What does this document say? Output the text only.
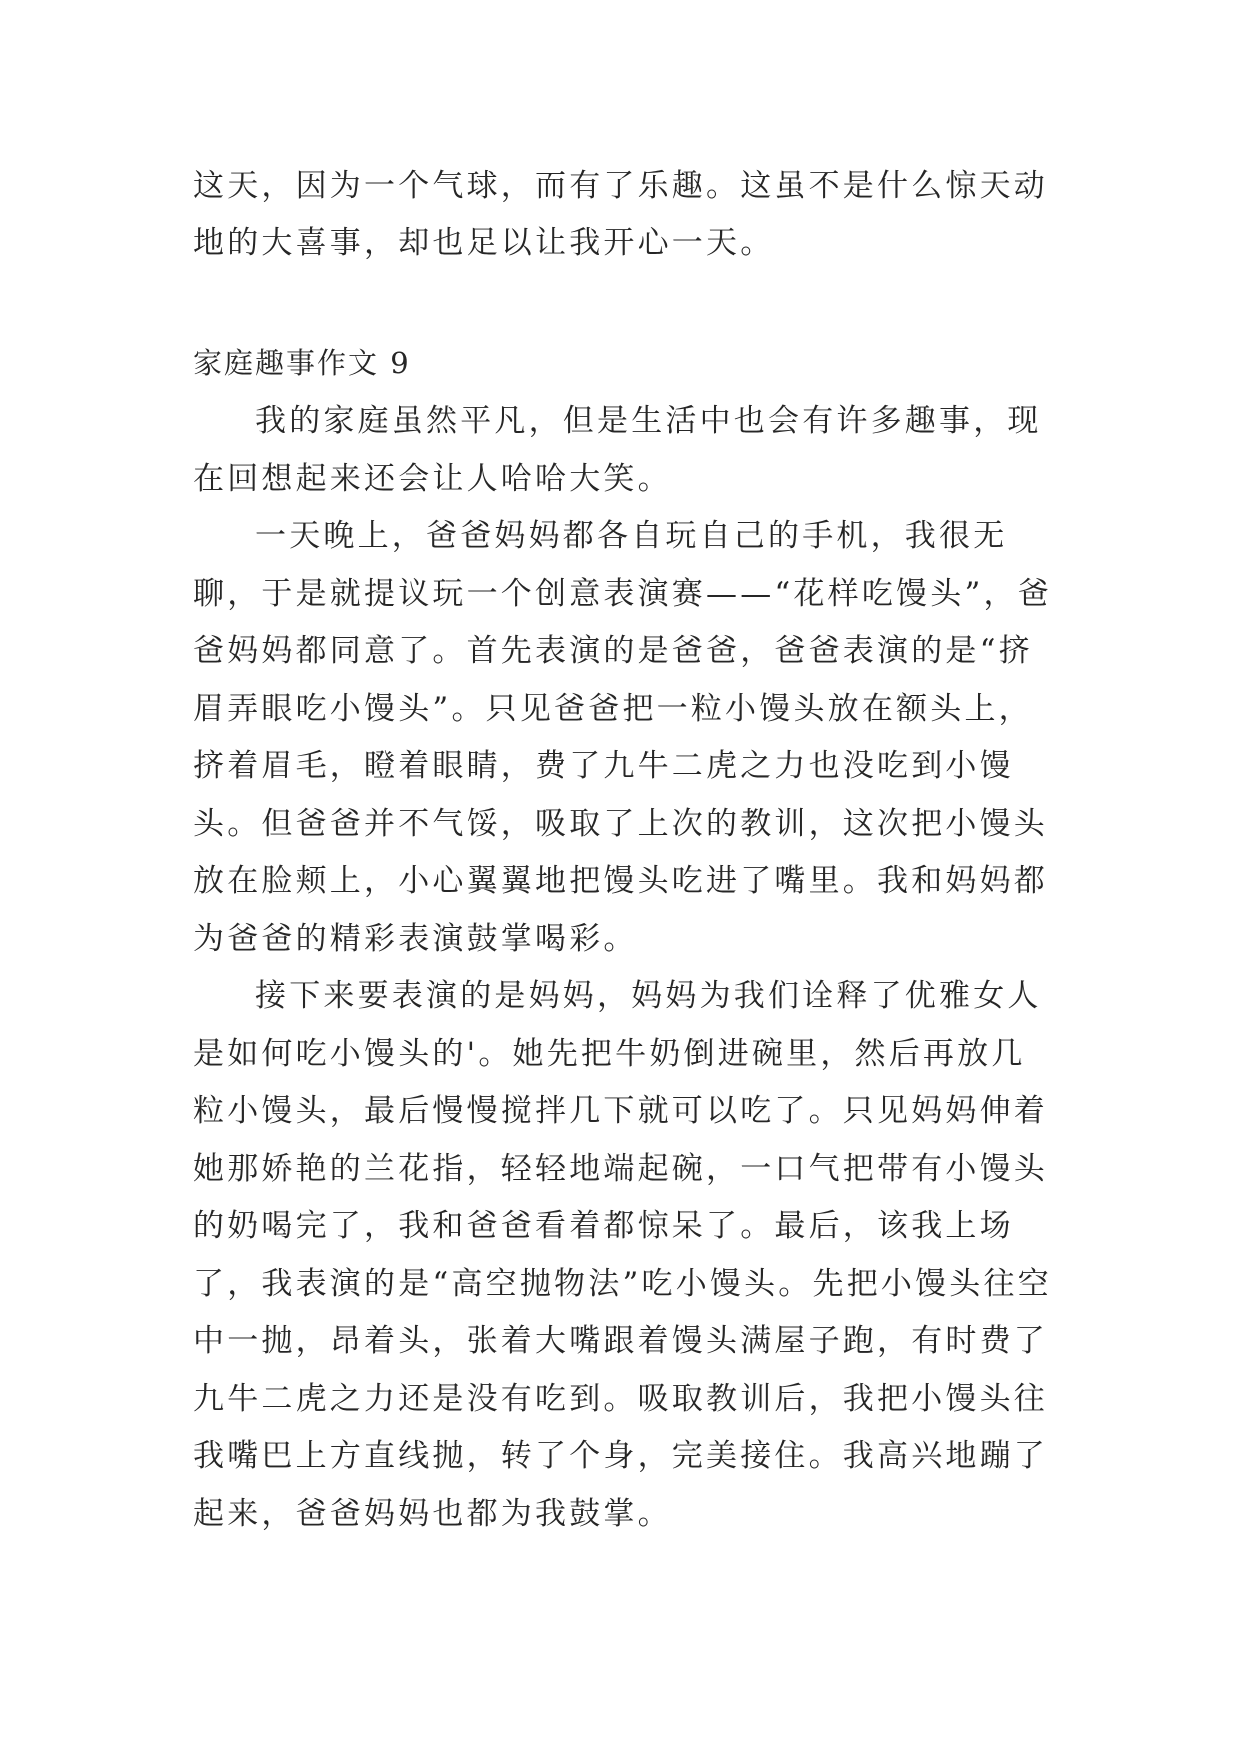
这天，因为一个气球，而有了乐趣。这虽不是什么惊天动地的大喜事，却也足以让我开心一天。

家庭趣事作文 9

我的家庭虽然平凡，但是生活中也会有许多趣事，现在回想起来还会让人哈哈大笑。

一天晚上，爸爸妈妈都各自玩自己的手机，我很无聊，于是就提议玩一个创意表演赛——“花样吃馒头”，爸爸妈妈都同意了。首先表演的是爸爸，爸爸表演的是“挤眉弄眼吃小馒头”。只见爸爸把一粒小馒头放在额头上，挤着眉毛，瞪着眼睛，费了九牛二虎之力也没吃到小馒头。但爸爸并不气馁，吸取了上次的教训，这次把小馒头放在脸颊上，小心翼翼地把馒头吃进了嘴里。我和妈妈都为爸爸的精彩表演鼓掌喝彩。

接下来要表演的是妈妈，妈妈为我们诠释了优雅女人是如何吃小馒头的'。她先把牛奶倒进碗里，然后再放几粒小馒头，最后慢慢搅拌几下就可以吃了。只见妈妈伸着她那娇艳的兰花指，轻轻地端起碗，一口气把带有小馒头的奶喝完了，我和爸爸看着都惊呆了。最后，该我上场了，我表演的是“高空抛物法”吃小馒头。先把小馒头往空中一抛，昂着头，张着大嘴跟着馒头满屋子跑，有时费了九牛二虎之力还是没有吃到。吸取教训后，我把小馒头往我嘴巴上方直线抛，转了个身，完美接住。我高兴地蹦了起来，爸爸妈妈也都为我鼓掌。
